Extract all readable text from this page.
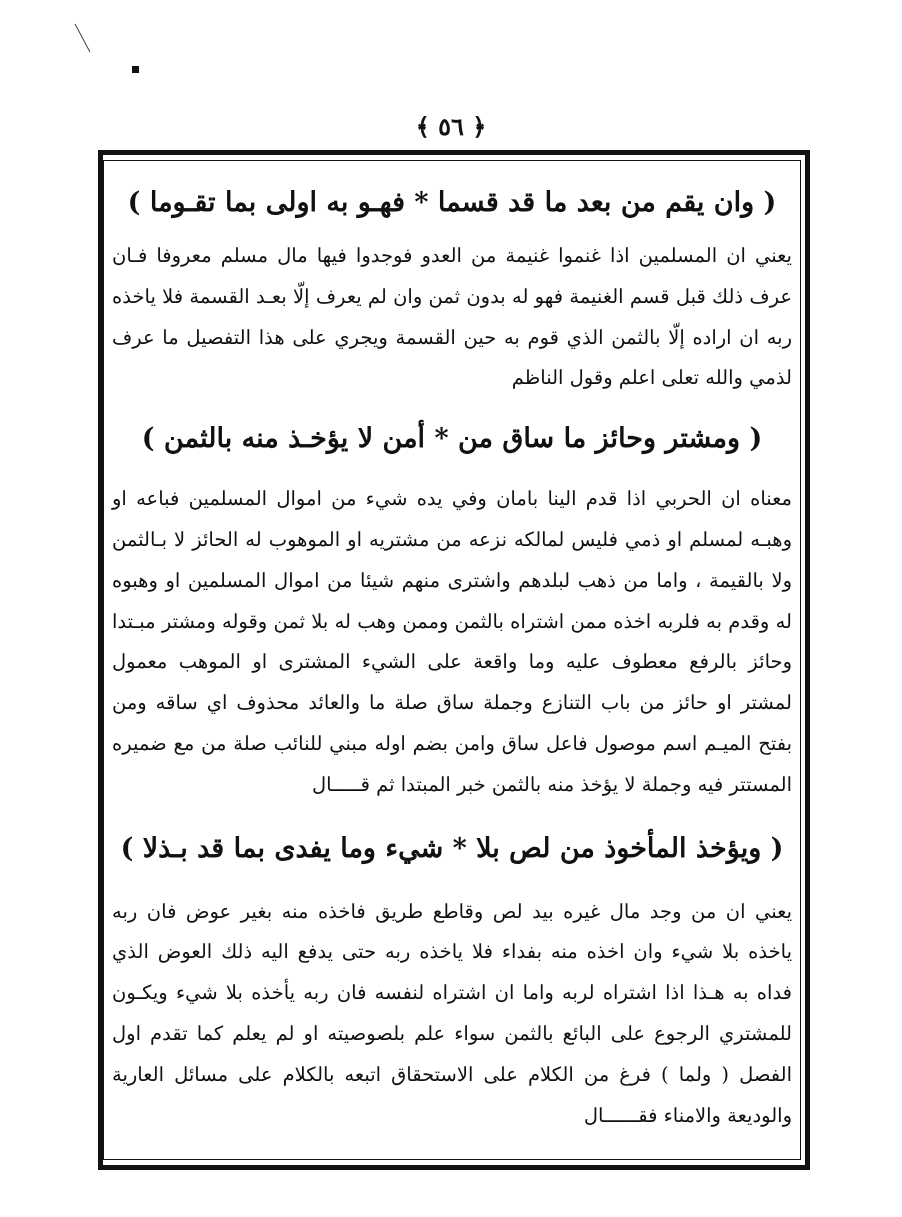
﴿ ٥٦ ﴾
( وان يقم من بعد ما قد قسما * فهـو به اولى بما تقـوما )

يعني ان المسلمين اذا غنموا غنيمة من العدو فوجدوا فيها مال مسلم معروفا فـان عرف ذلك قبل قسم الغنيمة فهو له بدون ثمن وان لم يعرف إلّا بعـد القسمة فلا ياخذه ربه ان اراده إلّا بالثمن الذي قوم به حين القسمة ويجري على هذا التفصيل ما عرف لذمي والله تعلى اعلم وقول الناظم

( ومشتر وحائز ما ساق من * أمن لا يؤخـذ منه بالثمن )

معناه ان الحربي اذا قدم الينا بامان وفي يده شيء من اموال المسلمين فباعه او وهبـه لمسلم او ذمي فليس لمالكه نزعه من مشتريه او الموهوب له الحائز لا بـالثمن ولا بالقيمة ، واما من ذهب لبلدهم واشترى منهم شيئا من اموال المسلمين او وهبوه له وقدم به فلربه اخذه ممن اشتراه بالثمن وممن وهب له بلا ثمن وقوله ومشتر مبـتدا وحائز بالرفع معطوف عليه وما واقعة على الشيء المشترى او الموهب معمول لمشتر او حائز من باب التنازع وجملة ساق صلة ما والعائد محذوف اي ساقه ومن بفتح الميـم اسم موصول فاعل ساق وامن بضم اوله مبني للنائب صلة من مع ضميره المستتر فيه وجملة لا يؤخذ منه بالثمن خبر المبتدا ثم قـــــال

( ويؤخذ المأخوذ من لص بلا * شيء وما يفدى بما قد بـذلا )

يعني ان من وجد مال غيره بيد لص وقاطع طريق فاخذه منه بغير عوض فان ربه ياخذه بلا شيء وان اخذه منه بفداء فلا ياخذه ربه حتى يدفع اليه ذلك العوض الذي فداه به هـذا اذا اشتراه لربه واما ان اشتراه لنفسه فان ربه يأخذه بلا شيء ويكـون للمشتري الرجوع على البائع بالثمن سواء علم بلصوصيته او لم يعلم كما تقدم اول الفصل ( ولما ) فرغ من الكلام على الاستحقاق اتبعه بالكلام على مسائل العارية والوديعة والامناء فقــــــال
